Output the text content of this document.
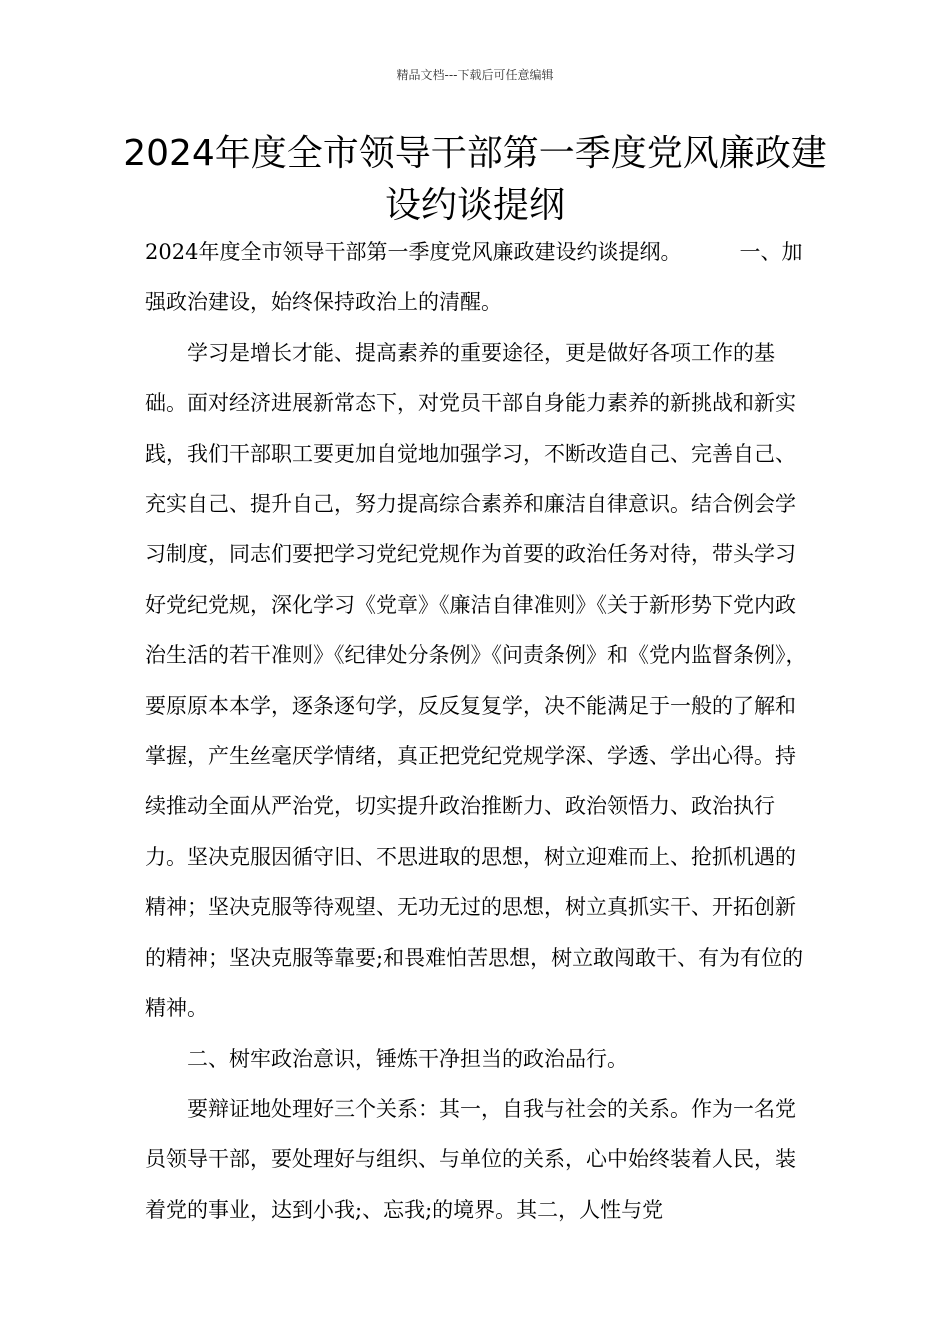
精品文档---下载后可任意编辑
2024年度全市领导干部第一季度党风廉政建设约谈提纲

2024年度全市领导干部第一季度党风廉政建设约谈提纲。	一、加强政治建设，始终保持政治上的清醒。

学习是增长才能、提高素养的重要途径，更是做好各项工作的基础。面对经济进展新常态下，对党员干部自身能力素养的新挑战和新实践，我们干部职工要更加自觉地加强学习，不断改造自己、完善自己、充实自己、提升自己，努力提高综合素养和廉洁自律意识。结合例会学习制度，同志们要把学习党纪党规作为首要的政治任务对待，带头学习好党纪党规，深化学习《党章》《廉洁自律准则》《关于新形势下党内政治生活的若干准则》《纪律处分条例》《问责条例》和《党内监督条例》，要原原本本学，逐条逐句学，反反复复学，决不能满足于一般的了解和掌握，产生丝毫厌学情绪，真正把党纪党规学深、学透、学出心得。持续推动全面从严治党，切实提升政治推断力、政治领悟力、政治执行力。坚决克服因循守旧、不思进取的思想，树立迎难而上、抢抓机遇的精神；坚决克服等待观望、无功无过的思想，树立真抓实干、开拓创新的精神；坚决克服等靠要;和畏难怕苦思想，树立敢闯敢干、有为有位的精神。

二、树牢政治意识，锤炼干净担当的政治品行。

要辩证地处理好三个关系：其一，自我与社会的关系。作为一名党员领导干部，要处理好与组织、与单位的关系，心中始终装着人民，装着党的事业，达到小我;、忘我;的境界。其二，人性与党
